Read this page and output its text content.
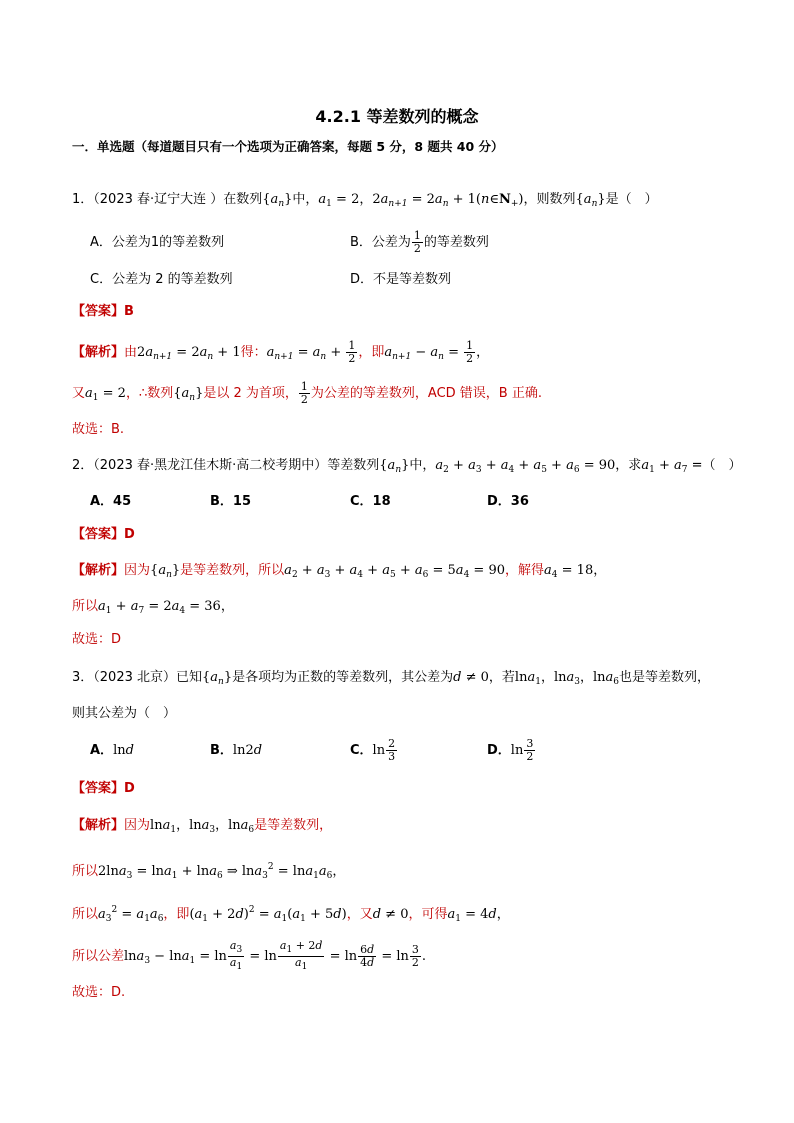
4.2.1 等差数列的概念
一．单选题（每道题目只有一个选项为正确答案，每题 5 分，8 题共 40 分）
1．（2023 春·辽宁大连 ）在数列$\{a_n\}$中，$a_1 = 2$，$2a_{n+1} = 2a_n$ + $1(n\in N_+)$，则数列$\{a_n\}$是（　）
A．公差为1的等差数列	B．公差为 $\frac{1}{2}$ 的等差数列
C．公差为 2 的等差数列	D．不是等差数列
【答案】B
【解析】由$2a_{n+1} = 2a_n + 1$得：$a_{n+1} = a_n + \frac{1}{2}$ ，即$a_{n+1} - a_n = \frac{1}{2}$ ，
又$a_1 = 2$，∴数列$\{a_n\}$是以 2 为首项， $\frac{1}{2}$ 为公差的等差数列，ACD 错误，B 正确.
故选：B.
2．（2023 春·黑龙江佳木斯·高二校考期中）等差数列$\{a_n\}$中，$a_2 + a_3 + a_4 + a_5 + a_6 = 90$，求$a_1 + a_7$ =（　）
A．45	B．15	C．18	D．36
【答案】D
【解析】因为$\{a_n\}$是等差数列，所以$a_2 + a_3 + a_4 + a_5 + a_6 = 5a_4 = 90$，解得$a_4 = 18$，
所以$a_1 + a_7 = 2a_4 = 36$，
故选：D
3．（2023 北京）已知$\{a_n\}$是各项均为正数的等差数列，其公差为d ≠ 0，若lna$_1$，lna$_3$，lna$_6$也是等差数列，
则其公差为（　）
A．lnd	B．ln2d	C．$\ln \frac{2}{3}$	D．$\ln \frac{3}{2}$
【答案】D
【解析】因为lna$_1$，lna$_3$，lna$_6$是等差数列，
所以2lna$_3$ = lna$_1$ + lna$_6$ ⇒ $\ln a_3^2 = \ln a_1a_6$，
所以$a_3^2 = a_1a_6$，即$(a_1 + 2d)^2 = a_1(a_1 + 5d)$，又d ≠ 0，可得$a_1 = 4d$，
所以公差$\ln a_3 - \ln a_1 = \ln \frac{a_3}{a_1} = \ln \frac{a_1 + 2d}{a_1} = \ln \frac{6d}{4d} = \ln \frac{3}{2}$ .
故选：D.
